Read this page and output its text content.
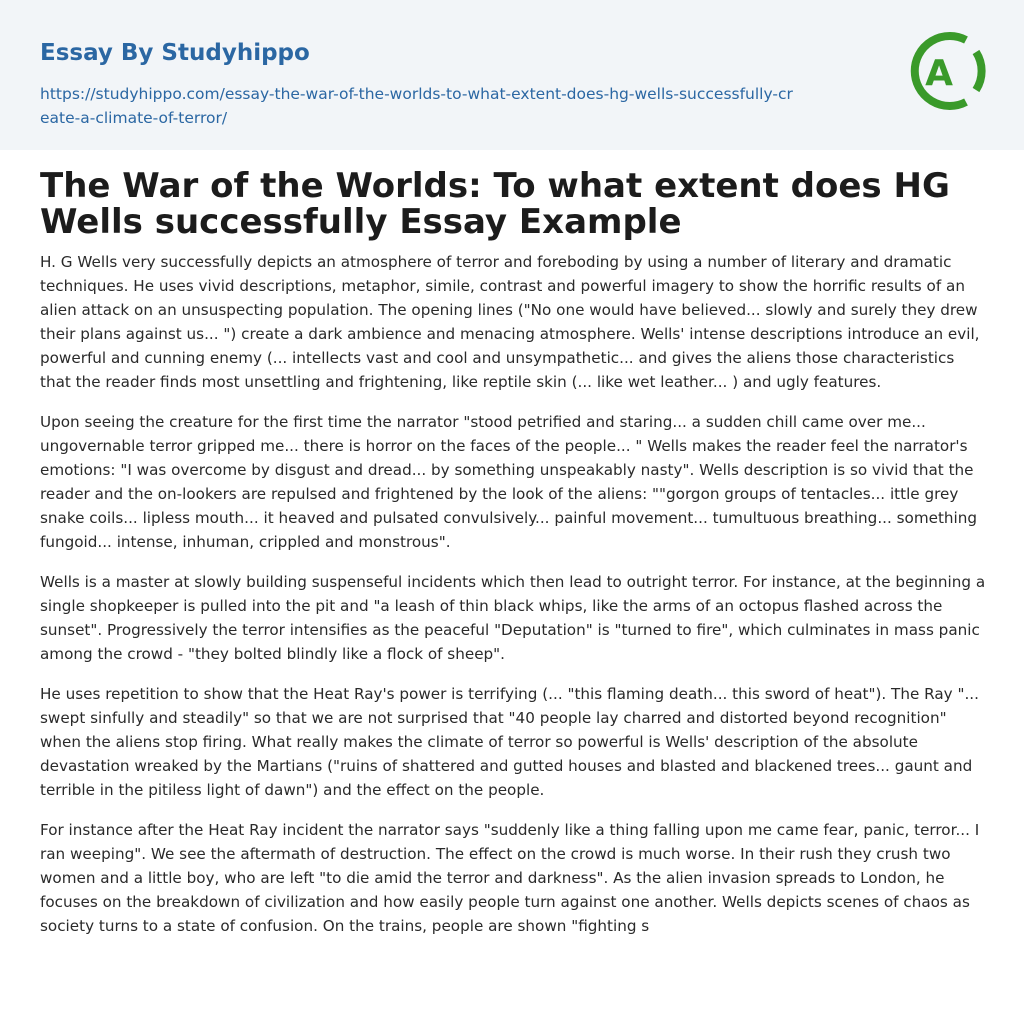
Essay By Studyhippo
https://studyhippo.com/essay-the-war-of-the-worlds-to-what-extent-does-hg-wells-successfully-create-a-climate-of-terror/
A
The War of the Worlds: To what extent does HG Wells successfully Essay Example

H. G Wells very successfully depicts an atmosphere of terror and foreboding by using a number of literary and dramatic techniques. He uses vivid descriptions, metaphor, simile, contrast and powerful imagery to show the horrific results of an alien attack on an unsuspecting population. The opening lines ("No one would have believed... slowly and surely they drew their plans against us... ") create a dark ambience and menacing atmosphere. Wells' intense descriptions introduce an evil, powerful and cunning enemy (... intellects vast and cool and unsympathetic... and gives the aliens those characteristics that the reader finds most unsettling and frightening, like reptile skin (... like wet leather... ) and ugly features.

Upon seeing the creature for the first time the narrator "stood petrified and staring... a sudden chill came over me... ungovernable terror gripped me... there is horror on the faces of the people... " Wells makes the reader feel the narrator's emotions: "I was overcome by disgust and dread... by something unspeakably nasty". Wells description is so vivid that the reader and the on-lookers are repulsed and frightened by the look of the aliens: ""gorgon groups of tentacles... ittle grey snake coils... lipless mouth... it heaved and pulsated convulsively... painful movement... tumultuous breathing... something fungoid... intense, inhuman, crippled and monstrous".

Wells is a master at slowly building suspenseful incidents which then lead to outright terror. For instance, at the beginning a single shopkeeper is pulled into the pit and "a leash of thin black whips, like the arms of an octopus flashed across the sunset". Progressively the terror intensifies as the peaceful "Deputation" is "turned to fire", which culminates in mass panic among the crowd - "they bolted blindly like a flock of sheep".

He uses repetition to show that the Heat Ray's power is terrifying (... "this flaming death... this sword of heat"). The Ray "... swept sinfully and steadily" so that we are not surprised that "40 people lay charred and distorted beyond recognition" when the aliens stop firing. What really makes the climate of terror so powerful is Wells' description of the absolute devastation wreaked by the Martians ("ruins of shattered and gutted houses and blasted and blackened trees... gaunt and terrible in the pitiless light of dawn") and the effect on the people.

For instance after the Heat Ray incident the narrator says "suddenly like a thing falling upon me came fear, panic, terror... I ran weeping". We see the aftermath of destruction. The effect on the crowd is much worse. In their rush they crush two women and a little boy, who are left "to die amid the terror and darkness". As the alien invasion spreads to London, he focuses on the breakdown of civilization and how easily people turn against one another. Wells depicts scenes of chaos as society turns to a state of confusion. On the trains, people are shown "fighting s
